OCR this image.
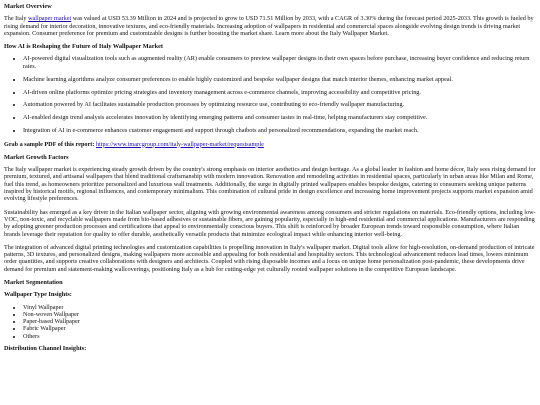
Market Overview

The Italy wallpaper market was valued at USD 53.39 Million in 2024 and is projected to grow to USD 71.51 Million by 2033, with a CAGR of 3.30% during the forecast period 2025-2033. This growth is fueled by rising demand for interior decoration, innovative textures, and eco-friendly materials. Increasing adoption of wallpapers in residential and commercial spaces alongside evolving design trends is driving market expansion. Consumer preference for premium and customizable designs is further boosting the market share. Learn more about the Italy Wallpaper Market.

How AI is Reshaping the Future of Italy Wallpaper Market
• AI-powered digital visualization tools such as augmented reality (AR) enable consumers to preview wallpaper designs in their own spaces before purchase, increasing buyer confidence and reducing return rates.
• Machine learning algorithms analyze consumer preferences to enable highly customized and bespoke wallpaper designs that match interior themes, enhancing market appeal.
• AI-driven online platforms optimize pricing strategies and inventory management across e-commerce channels, improving accessibility and competitive pricing.
• Automation powered by AI facilitates sustainable production processes by optimizing resource use, contributing to eco-friendly wallpaper manufacturing.
• AI-enabled design trend analysis accelerates innovation by identifying emerging patterns and consumer tastes in real-time, helping manufacturers stay competitive.
• Integration of AI in e-commerce enhances customer engagement and support through chatbots and personalized recommendations, expanding the market reach.

Grab a sample PDF of this report: https://www.imarcgroup.com/italy-wallpaper-market/requestsample

Market Growth Factors

The Italy wallpaper market is experiencing steady growth driven by the country's strong emphasis on interior aesthetics and design heritage. As a global leader in fashion and home décor, Italy sees rising demand for premium, textured, and artisanal wallpapers that blend traditional craftsmanship with modern innovation. Renovation and remodeling activities in residential spaces, particularly in urban areas like Milan and Rome, fuel this trend, as homeowners prioritize personalized and luxurious wall treatments. Additionally, the surge in digitally printed wallpapers enables bespoke designs, catering to consumers seeking unique patterns inspired by historical motifs, regional influences, and contemporary minimalism. This combination of cultural pride in design excellence and increasing home improvement projects supports market expansion amid evolving lifestyle preferences.

Sustainability has emerged as a key driver in the Italian wallpaper sector, aligning with growing environmental awareness among consumers and stricter regulations on materials. Eco-friendly options, including low-VOC, non-toxic, and recyclable wallpapers made from bio-based adhesives or sustainable fibers, are gaining popularity, especially in high-end residential and commercial applications. Manufacturers are responding by adopting greener production processes and certifications that appeal to environmentally conscious buyers. This shift is reinforced by broader European trends toward responsible consumption, where Italian brands leverage their reputation for quality to offer durable, aesthetically versatile products that minimize ecological impact while enhancing interior well-being.

The integration of advanced digital printing technologies and customization capabilities is propelling innovation in Italy's wallpaper market. Digital tools allow for high-resolution, on-demand production of intricate patterns, 3D textures, and personalized designs, making wallpapers more accessible and appealing for both residential and hospitality sectors. This technological advancement reduces lead times, lowers minimum order quantities, and supports creative collaborations with designers and architects. Coupled with rising disposable incomes and a focus on unique home personalization post-pandemic, these developments drive demand for premium and statement-making wallcoverings, positioning Italy as a hub for cutting-edge yet culturally rooted wallpaper solutions in the competitive European landscape.

Market Segmentation
Wallpaper Type Insights:
• Vinyl Wallpaper
• Non-woven Wallpaper
• Paper-based Wallpaper
• Fabric Wallpaper
• Others
Distribution Channel Insights:
